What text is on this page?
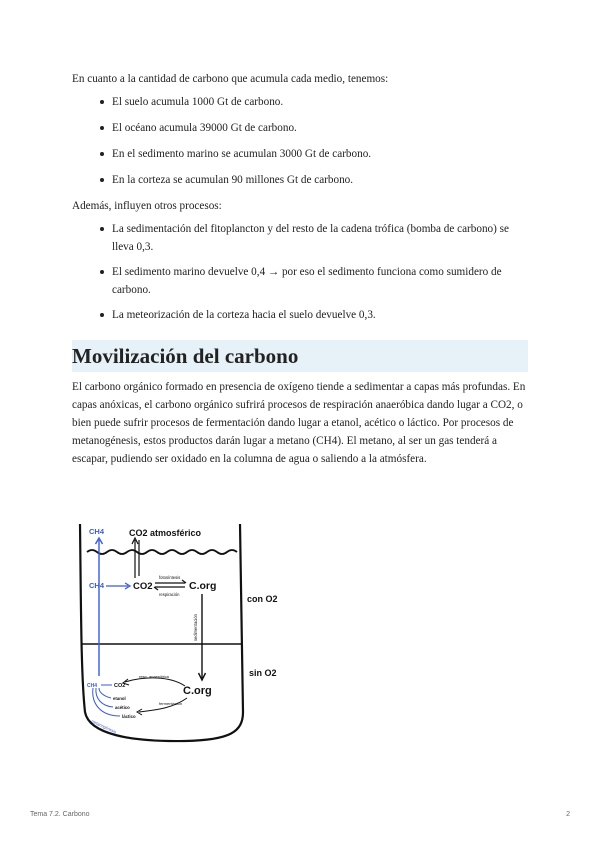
En cuanto a la cantidad de carbono que acumula cada medio, tenemos:

El suelo acumula 1000 Gt de carbono.
El océano acumula 39000 Gt de carbono.
En el sedimento marino se acumulan 3000 Gt de carbono.
En la corteza se acumulan 90 millones Gt de carbono.

Además, influyen otros procesos:

La sedimentación del fitoplancton y del resto de la cadena trófica (bomba de carbono) se lleva 0,3.
El sedimento marino devuelve 0,4 → por eso el sedimento funciona como sumidero de carbono.
La meteorización de la corteza hacia el suelo devuelve 0,3.
Movilización del carbono

El carbono orgánico formado en presencia de oxígeno tiende a sedimentar a capas más profundas. En capas anóxicas, el carbono orgánico sufrirá procesos de respiración anaeróbica dando lugar a CO2, o bien puede sufrir procesos de fermentación dando lugar a etanol, acético o láctico. Por procesos de metanogénesis, estos productos darán lugar a metano (CH4). El metano, al ser un gas tenderá a escapar, pudiendo ser oxidado en la columna de agua o saliendo a la atmósfera.

CH4	CO2 atmosférico
CH4	CO2	C.org
fotosíntesis
respiración
sedimentación
CH4	CO2
resp. anaeróbica
etanol
acético
láctico
C.org
fermentación
metanogénesis
con O2
sin O2
Tema 7.2. Carbono	2
